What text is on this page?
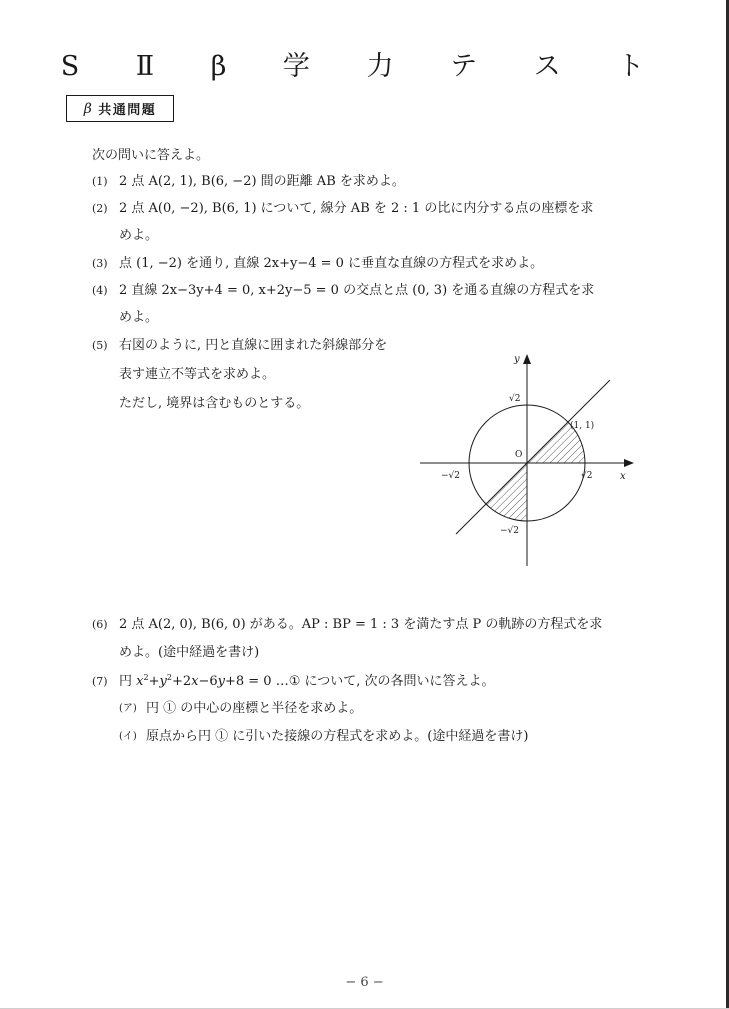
S Ⅱ β 学 力 テ ス ト
β 共通問題
次の問いに答えよ。
(1) 2 点 A(2, 1), B(6, −2) 間の距離 AB を求めよ。
(2) 2 点 A(0, −2), B(6, 1) について, 線分 AB を 2 : 1 の比に内分する点の座標を求
めよ。
(3) 点 (1, −2) を通り, 直線 2x+y−4 = 0 に垂直な直線の方程式を求めよ。
(4) 2 直線 2x−3y+4 = 0, x+2y−5 = 0 の交点と点 (0, 3) を通る直線の方程式を求
めよ。
(5) 右図のように, 円と直線に囲まれた斜線部分を
表す連立不等式を求めよ。
ただし, 境界は含むものとする。
y
x
O
(1, 1)
√2
−√2
√2
−√2
(6) 2 点 A(2, 0), B(6, 0) がある。AP : BP = 1 : 3 を満たす点 P の軌跡の方程式を求
めよ。(途中経過を書け)
(7) 円 $x^2+y^2+2x-6y+8 = 0$ …① について, 次の各問いに答えよ。
(ア) 円 ① の中心の座標と半径を求めよ。
(イ) 原点から円 ① に引いた接線の方程式を求めよ。(途中経過を書け)
− 6 −
